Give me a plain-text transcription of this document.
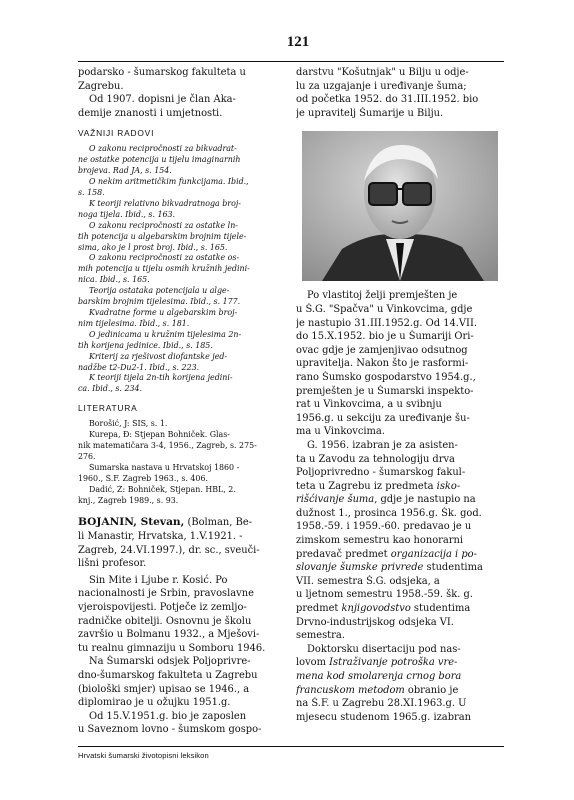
121
podarsko - šumarskog fakulteta u
Zagrebu.
Od 1907. dopisni je član Aka-
demije znanosti i umjetnosti.
VAŽNIJI RADOVI
O zakonu recipročnosti za bikvadrat-
ne ostatke potencija u tijelu imaginarnih
brojeva. Rad JA, s. 154.
O nekim aritmetičkim funkcijama. Ibid.,
s. 158.
K teoriji relativno bikvadratnoga broj-
noga tijela. Ibid., s. 163.
O zakonu recipročnosti za ostatke ln-
tih potencija u algebarskim brojnim tijele-
sima, ako je l prost broj. Ibid., s. 165.
O zakonu recipročnosti za ostatke os-
mih potencija u tijelu osmih kružnih jedini-
nica. Ibid., s. 165.
Teorija ostataka potencijala u alge-
barskim brojnim tijelesima. Ibid., s. 177.
Kvadratne forme u algebarskim broj-
nim tijelesima. Ibid., s. 181.
O jedinicama u kružnim tijelesima 2n-
tih korijena jedinice. Ibid., s. 185.
Kriterij za rješivost diofantske jed-
nadžbe t2-Du2-1. Ibid., s. 223.
K teoriji tijela 2n-tih korijena jedini-
ca. Ibid., s. 234.
LITERATURA
Borošić, J: ŠIS, s. 1.
Kurepa, Đ: Stjepan Bohniček. Glas-
nik matematičara 3-4, 1956., Zagreb, s. 275-
276.
Šumarska nastava u Hrvatskoj 1860 -
1960., Š.F. Zagreb 1963., s. 406.
Dadić, Ž: Bohniček, Stjepan. HBL, 2.
knj., Zagreb 1989., s. 93.
BOJANIN, Stevan, (Bolman, Be-
li Manastir, Hrvatska, 1.V.1921. -
Zagreb, 24.VI.1997.), dr. sc., sveuči-
lišni profesor.
Sin Mite i Ljube r. Kosić. Po
nacionalnosti je Srbin, pravoslavne
vjeroispovijesti. Potječe iz zemljo-
radničke obitelji. Osnovnu je školu
završio u Bolmanu 1932., a Mješovi-
tu realnu gimnaziju u Somboru 1946.
Na Šumarski odsjek Poljoprivre-
dno-šumarskog fakulteta u Zagrebu
(biološki smjer) upisao se 1946., a
diplomirao je u ožujku 1951.g.
Od 15.V.1951.g. bio je zaposlen
u Saveznom lovno - šumskom gospo-
darstvu "Košutnjak" u Bilju u odje-
lu za uzgajanje i uređivanje šuma;
od početka 1952. do 31.III.1952. bio
je upravitelj Šumarije u Bilju.
Po vlastitoj želji premješten je
u Š.G. "Spačva" u Vinkovcima, gdje
je nastupio 31.III.1952.g. Od 14.VII.
do 15.X.1952. bio je u Šumariji Ori-
ovac gdje je zamjenjivao odsutnog
upravitelja. Nakon što je rasformi-
rano Šumsko gospodarstvo 1954.g.,
premješten je u Šumarski inspekto-
rat u Vinkovcima, a u svibnju
1956.g. u sekciju za uređivanje šu-
ma u Vinkovcima.
G. 1956. izabran je za asisten-
ta u Zavodu za tehnologiju drva
Poljoprivredno - šumarskog fakul-
teta u Zagrebu iz predmeta isko-
rišćivanje šuma, gdje je nastupio na
dužnost 1., prosinca 1956.g. Šk. god.
1958.-59. i 1959.-60. predavao je u
zimskom semestru kao honorarni
predavač predmet organizacija i po-
slovanje šumske privrede studentima
VII. semestra Š.G. odsjeka, a
u ljetnom semestru 1958.-59. šk. g.
predmet knjigovodstvo studentima
Drvno-industrijskog odsjeka VI.
semestra.
Doktorsku disertaciju pod nas-
lovom Istraživanje potroška vre-
mena kod smolarenja crnog bora
francuskom metodom obranio je
na Š.F. u Zagrebu 28.XI.1963.g. U
mjesecu studenom 1965.g. izabran
Hrvatski šumarski životopisni leksikon
